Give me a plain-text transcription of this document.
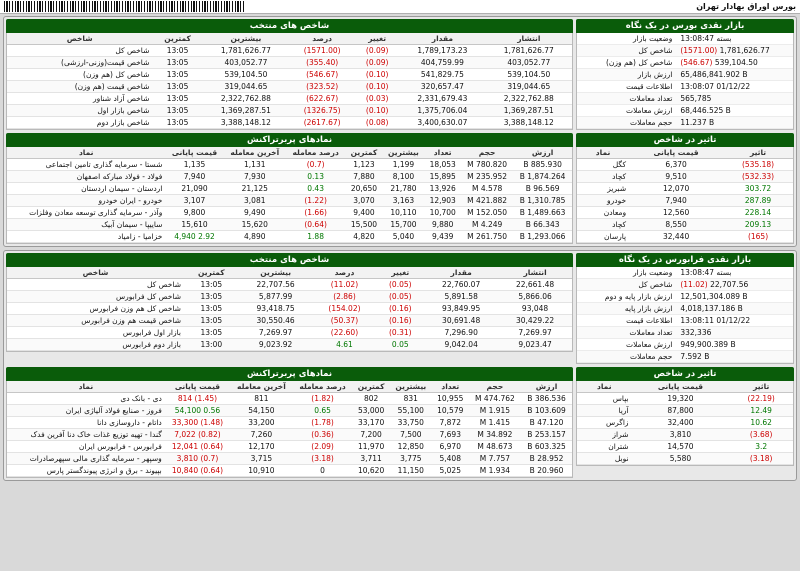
بورس اوراق بهادار تهران
بازار نقدی بورس در یک نگاه
بسته 13:08:47	وضعیت بازار
(1571.00) 1,781,626.77	شاخص کل
(546.67) 539,104.50	شاخص کل (هم وزن)
65,486,841.902 B	ارزش بازار
13:08:07 01/12/22	اطلاعات قیمت
565,785	تعداد معاملات
68,446.525 B	ارزش معاملات
11.237 B	حجم معاملات
شاخص های منتخب
انتشار	مقدار	تغییر	درصد	بیشترین	کمترین	شاخص
1,781,626.77	1,789,173.23	(0.09)	(1571.00)	1,781,626.77	13:05	شاخص کل
403,052.77	404,759.99	(0.09)	(355.40)	403,052.77	13:05	شاخص قیمت(وزنی-ارزشی)
539,104.50	541,829.75	(0.10)	(546.67)	539,104.50	13:05	شاخص کل (هم وزن)
319,044.65	320,657.47	(0.10)	(323.52)	319,044.65	13:05	شاخص قیمت (هم وزن)
2,322,762.88	2,331,679.43	(0.03)	(622.67)	2,322,762.88	13:05	شاخص آزاد شناور
1,369,287.51	1,375,706.04	(0.10)	(1326.75)	1,369,287.51	13:05	شاخص بازار اول
3,388,148.12	3,400,630.07	(0.08)	(2617.67)	3,388,148.12	13:05	شاخص بازار دوم
تاثیر در شاخص
تاثیر	قیمت پایانی	نماد
(535.18)	6,370	کگل
(532.33)	9,510	کچاد
303.72	12,070	شبریز
287.89	7,940	خودرو
228.14	12,560	ومعادن
209.13	8,550	کچاد
(165)	32,440	پارسان
نمادهای پربرتراکنش
ارزش	حجم	تعداد	بیشترین	کمترین	درصد معامله	آخرین معامله	قیمت پایانی	نماد
885.930 B	780.820 M	18,053	1,199	1,123	(0.7)	1,131	1,135	شستا - سرمایه گذاری تامین اجتماعی
1,874.264 B	235.952 M	15,895	8,100	7,880	0.13	7,930	7,940	فولاد - فولاد مبارکه اصفهان
96.569 B	4.578 M	13,926	21,780	20,650	0.43	21,125	21,090	اردستان - سیمان اردستان
1,310.785 B	421.882 M	12,903	3,163	3,070	(1.22)	3,081	3,107	خودرو - ایران خودرو
1,489.663 B	152.050 M	10,700	10,110	9,400	(1.66)	9,490	9,800	وآذر - سرمایه گذاری توسعه معادن وفلزات
66.343 B	4.249 M	9,880	15,700	15,500	(0.64)	15,620	15,610	ساییپا - سیمان آبیک
1,293.066 B	261.750 M	9,439	5,040	4,820	1.88	4,890	2.92 4,940	خزامیا - زامیاد
بازار نقدی فرابورس در یک نگاه
بسته 13:08:47	وضعیت بازار
(11.02) 22,707.56	شاخص کل
12,501,304.089 B	ارزش بازار پایه و دوم
4,018,137.186 B	ارزش بازار پایه
13:08:11 01/12/22	اطلاعات قیمت
332,336	تعداد معاملات
949,900.389 B	ارزش معاملات
7.592 B	حجم معاملات
شاخص های منتخب
انتشار	مقدار	تغییر	درصد	بیشترین	کمترین	شاخص
22,661.48	22,760.07	(0.05)	(11.02)	22,707.56	13:05	شاخص کل
5,866.06	5,891.58	(0.05)	(2.86)	5,877.99	13:05	شاخص کل فرابورس
93,048	93,849.95	(0.16)	(154.02)	93,418.75	13:05	شاخص کل هم وزن فرابورس
30,429.22	30,691.48	(0.16)	(50.37)	30,550.46	13:05	شاخص قیمت هم وزن فرابورس
7,269.97	7,296.90	(0.31)	(22.60)	7,269.97	13:05	بازار اول فرابورس
9,023.47	9,042.04	0.05	4.61	9,023.92	13:00	بازار دوم فرابورس
تاثیر در شاخص
تاثیر	قیمت پایانی	نماد
(22.19)	19,320	بپاس
12.49	87,800	آریا
10.62	32,400	زاگرس
(3.68)	3,810	شراز
3.2	14,570	شتران
(3.18)	5,580	نوبل
نمادهای پربرتراکنش
ارزش	حجم	تعداد	بیشترین	کمترین	درصد معامله	آخرین معامله	قیمت پایانی	نماد
386.536 B	474.762 M	10,955	831	802	(1.82)	811	(1.45) 814	دی - بانک دی
103.609 B	1.915 M	10,579	55,100	53,000	0.65	54,150	0.56 54,100	فروز - صنایع فولاد آلیاژی ایران
47.120 B	1.415 M	7,872	33,750	33,170	(1.78)	33,200	(1.48) 33,300	داتام - داروسازی دانا
253.157 B	34.892 M	7,693	7,500	7,200	(0.36)	7,260	(0.82) 7,022	گندا - تهیه توزیع غذات خاک دنا آفرین فدک
603.325 B	48.673 M	6,970	12,850	11,970	(2.09)	12,170	(0.64) 12,041	فرابورس - فرابورس ایران
28.952 B	7.757 M	5,408	3,775	3,711	(3.18)	3,715	(0.7) 3,810	وسپهر - سرمایه گذاری مالی سپهرصادرات
20.960 B	1.934 M	5,025	11,150	10,620	0	10,910	(0.64) 10,840	بپیوند - برق و انرژی پیوندگستر پارس
